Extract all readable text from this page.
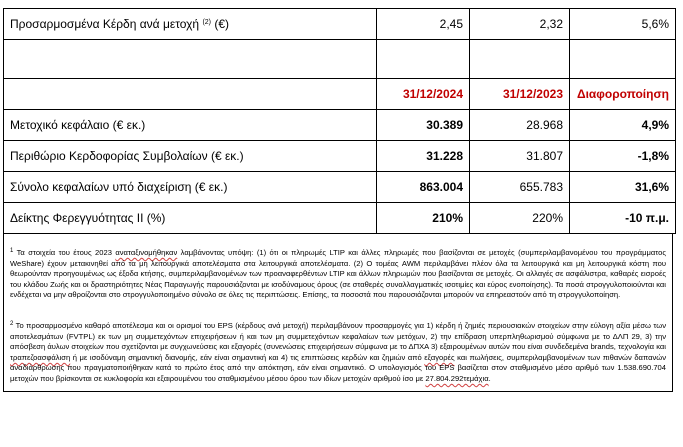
Προσαρμοσμένα Κέρδη ανά μετοχή $^{(2)}$ (€)	2,45	2,32	5,6%

	31/12/2024	31/12/2023	Διαφοροποίηση
Μετοχικό κεφάλαιο (€ εκ.)	30.389	28.968	4,9%
Περιθώριο Κερδοφορίας Συμβολαίων (€ εκ.)	31.228	31.807	-1,8%
Σύνολο κεφαλαίων υπό διαχείριση (€ εκ.)	863.004	655.783	31,6%
Δείκτης Φερεγγυότητας II (%)	210%	220%	-10 π.μ.

$^1$ Τα στοιχεία του έτους 2023 αναταξινομήθηκαν λαμβάνοντας υπόψη: (1) ότι οι πληρωμές LTIP και άλλες πληρωμές που βασίζονται σε μετοχές (συμπεριλαμβανομένου του προγράμματος WeShare) έχουν μετακινηθεί από τα μη λειτουργικά αποτελέσματα στα λειτουργικά αποτελέσματα. (2) Ο τομέας AWM περιλαμβάνει πλέον όλα τα λειτουργικά και μη λειτουργικά κόστη που θεωρούνταν προηγουμένως ως έξοδα κτήσης, συμπεριλαμβανομένων των προαναφερθέντων LTIP και άλλων πληρωμών που βασίζονται σε μετοχές. Οι αλλαγές σε ασφάλιστρα, καθαρές εισροές του κλάδου Ζωής και οι δραστηριότητες Νέας Παραγωγής παρουσιάζονται με ισοδύναμους όρους (σε σταθερές συναλλαγματικές ισοτιμίες και εύρος ενοποίησης). Τα ποσά στρογγυλοποιούνται και ενδέχεται να μην αθροίζονται στο στρογγυλοποιημένο σύνολο σε όλες τις περιπτώσεις. Επίσης, τα ποσοστά που παρουσιάζονται μπορούν να επηρεαστούν από τη στρογγυλοποίηση.

$^2$ Το προσαρμοσμένο καθαρό αποτέλεσμα και οι ορισμοί του EPS (κέρδους ανά μετοχή) περιλαμβάνουν προσαρμογές για 1) κέρδη ή ζημιές περιουσιακών στοιχείων στην εύλογη αξία μέσω των αποτελεσμάτων (FVTPL) εκ των μη συμμετεχόντων επιχειρήσεων ή και των μη συμμετεχόντων κεφαλαίων των μετόχων, 2) την επίδραση υπερπληθωρισμού σύμφωνα με το ΔΛΠ 29, 3) την απόσβεση άυλων στοιχείων που σχετίζονται με συγχωνεύσεις και εξαγορές (συνενώσεις επιχειρήσεων σύμφωνα με το ΔΠΧΑ 3) εξαιρουμένων αυτών που είναι συνδεδεμένα brands, τεχνολογία και τραπεζοασφάλιση ή με ισοδύναμη σημαντική διανομής, εάν είναι σημαντική και 4) τις επιπτώσεις κερδών και ζημιών από εξαγορές και πωλήσεις, συμπεριλαμβανομένων των πιθανών δαπανών αναδιάρθρωσης που πραγματοποιήθηκαν κατά το πρώτο έτος από την απόκτηση, εάν είναι σημαντικό. Ο υπολογισμός του EPS βασίζεται στον σταθμισμένο μέσο αριθμό των 1.538.690.704 μετοχών που βρίσκονται σε κυκλοφορία και εξαιρουμένου του σταθμισμένου μέσου όρου των ιδίων μετοχών αριθμού ίσο με 27.804.292τεμάχια.
